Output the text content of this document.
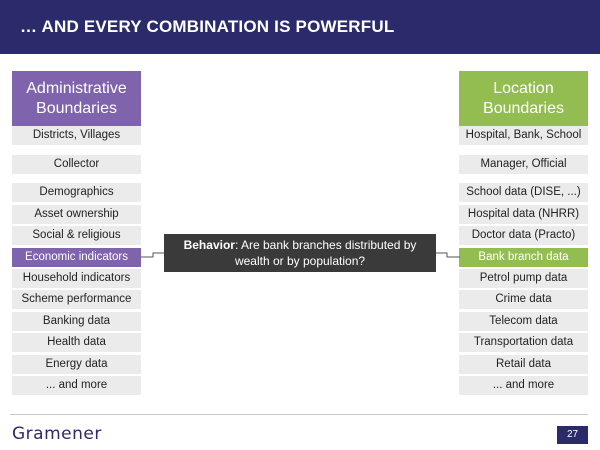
… AND EVERY COMBINATION IS POWERFUL
Administrative
Boundaries
Districts, Villages
Collector
Demographics
Asset ownership
Social & religious
Economic indicators
Household indicators
Scheme performance
Banking data
Health data
Energy data
... and more
Location
Boundaries
Hospital, Bank, School
Manager, Official
School data (DISE, ...)
Hospital data (NHRR)
Doctor data (Practo)
Bank branch data
Petrol pump data
Crime data
Telecom data
Transportation data
Retail data
... and more
Behavior: Are bank branches distributed by wealth or by population?
Gramener	27
